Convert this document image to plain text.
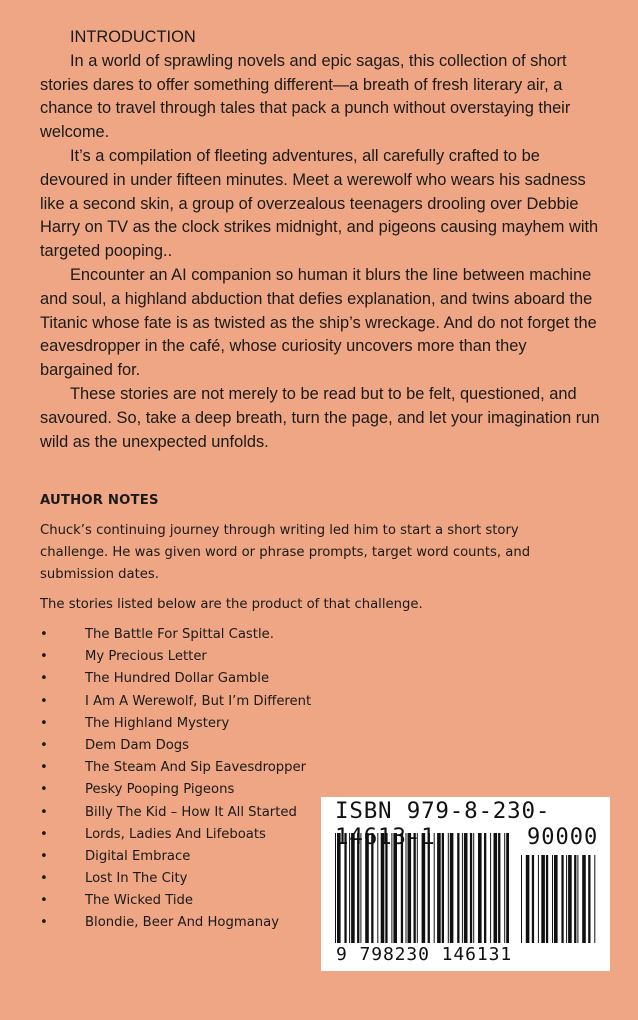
INTRODUCTION

In a world of sprawling novels and epic sagas, this collection of short stories dares to offer something different—a breath of fresh literary air, a chance to travel through tales that pack a punch without overstaying their welcome.

It’s a compilation of fleeting adventures, all carefully crafted to be devoured in under fifteen minutes. Meet a werewolf who wears his sadness like a second skin, a group of overzealous teenagers drooling over Debbie Harry on TV as the clock strikes midnight, and pigeons causing mayhem with targeted pooping..

Encounter an AI companion so human it blurs the line between machine and soul, a highland abduction that defies explanation, and twins aboard the Titanic whose fate is as twisted as the ship’s wreckage. And do not forget the eavesdropper in the café, whose curiosity uncovers more than they bargained for.

These stories are not merely to be read but to be felt, questioned, and savoured. So, take a deep breath, turn the page, and let your imagination run wild as the unexpected unfolds.

AUTHOR NOTES

Chuck’s continuing journey through writing led him to start a short story challenge. He was given word or phrase prompts, target word counts, and submission dates.

The stories listed below are the product of that challenge.

•	The Battle For Spittal Castle.
•	My Precious Letter
•	The Hundred Dollar Gamble
•	I Am A Werewolf, But I’m Different
•	The Highland Mystery
•	Dem Dam Dogs
•	The Steam And Sip Eavesdropper
•	Pesky Pooping Pigeons
•	Billy The Kid – How It All Started
•	Lords, Ladies And Lifeboats
•	Digital Embrace
•	Lost In The City
•	The Wicked Tide
•	Blondie, Beer And Hogmanay
ISBN 979-8-230-14613-1	90000
9 798230 146131
